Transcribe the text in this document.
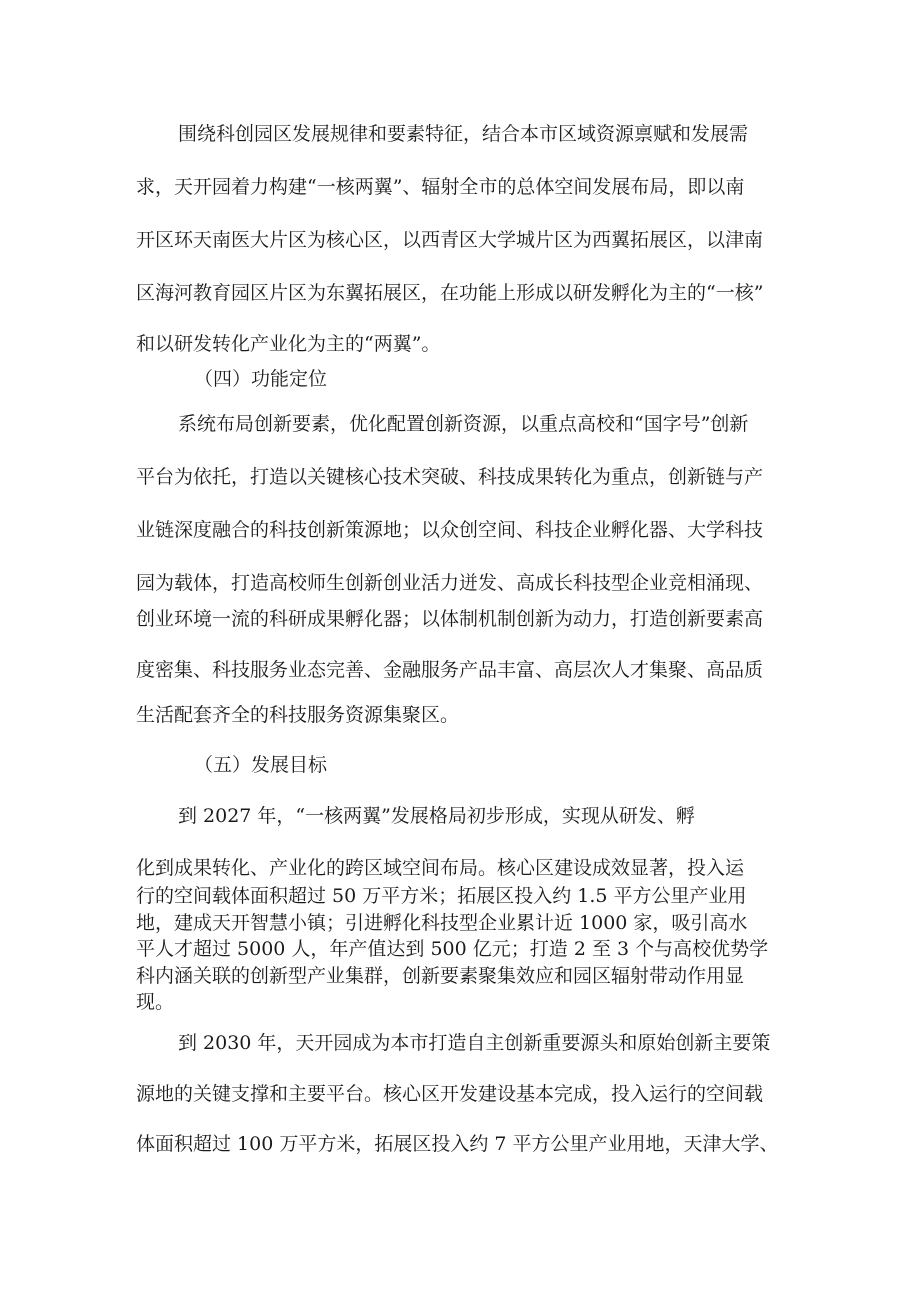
围绕科创园区发展规律和要素特征，结合本市区域资源禀赋和发展需
求，天开园着力构建“一核两翼”、辐射全市的总体空间发展布局，即以南
开区环天南医大片区为核心区，以西青区大学城片区为西翼拓展区，以津南
区海河教育园区片区为东翼拓展区，在功能上形成以研发孵化为主的“一核”
和以研发转化产业化为主的“两翼”。
（四）功能定位
系统布局创新要素，优化配置创新资源，以重点高校和“国字号”创新
平台为依托，打造以关键核心技术突破、科技成果转化为重点，创新链与产
业链深度融合的科技创新策源地；以众创空间、科技企业孵化器、大学科技
园为载体，打造高校师生创新创业活力迸发、高成长科技型企业竞相涌现、
创业环境一流的科研成果孵化器；以体制机制创新为动力，打造创新要素高
度密集、科技服务业态完善、金融服务产品丰富、高层次人才集聚、高品质
生活配套齐全的科技服务资源集聚区。
（五）发展目标
到 2027 年，“一核两翼”发展格局初步形成，实现从研发、孵
化到成果转化、产业化的跨区域空间布局。核心区建设成效显著，投入运
行的空间载体面积超过 50 万平方米；拓展区投入约 1.5 平方公里产业用
地，建成天开智慧小镇；引进孵化科技型企业累计近 1000 家，吸引高水
平人才超过 5000 人，年产值达到 500 亿元；打造 2 至 3 个与高校优势学
科内涵关联的创新型产业集群，创新要素聚集效应和园区辐射带动作用显
现。
到 2030 年，天开园成为本市打造自主创新重要源头和原始创新主要策
源地的关键支撑和主要平台。核心区开发建设基本完成，投入运行的空间载
体面积超过 100 万平方米，拓展区投入约 7 平方公里产业用地，天津大学、
